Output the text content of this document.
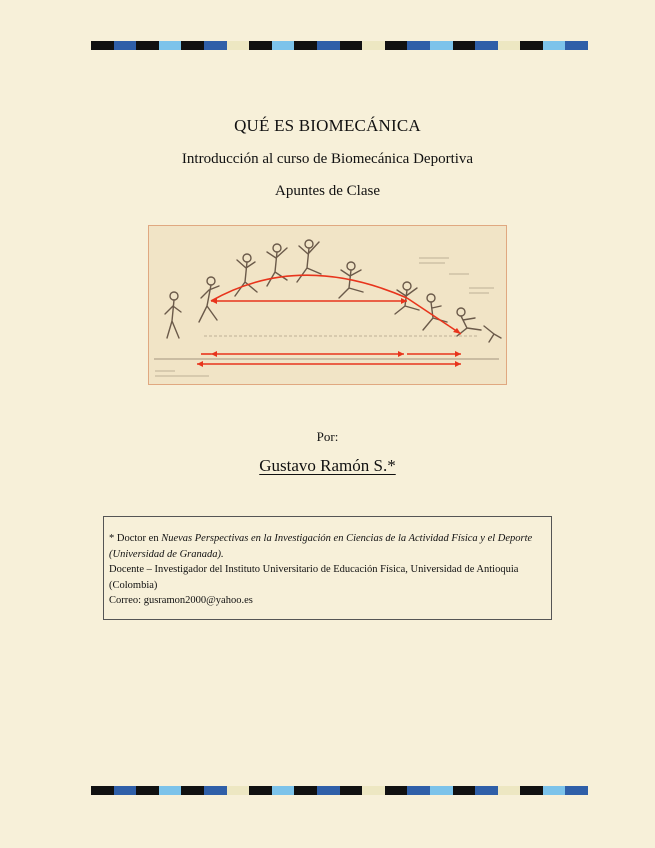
QUÉ ES BIOMECÁNICA
Introducción al curso de Biomecánica Deportiva
Apuntes de Clase
Por:
Gustavo Ramón S.*

* Doctor en Nuevas Perspectivas en la Investigación en Ciencias de la Actividad Física y el Deporte (Universidad de Granada).

Docente – Investigador del Instituto Universitario de Educación Física, Universidad de Antioquia (Colombia)

Correo: gusramon2000@yahoo.es
